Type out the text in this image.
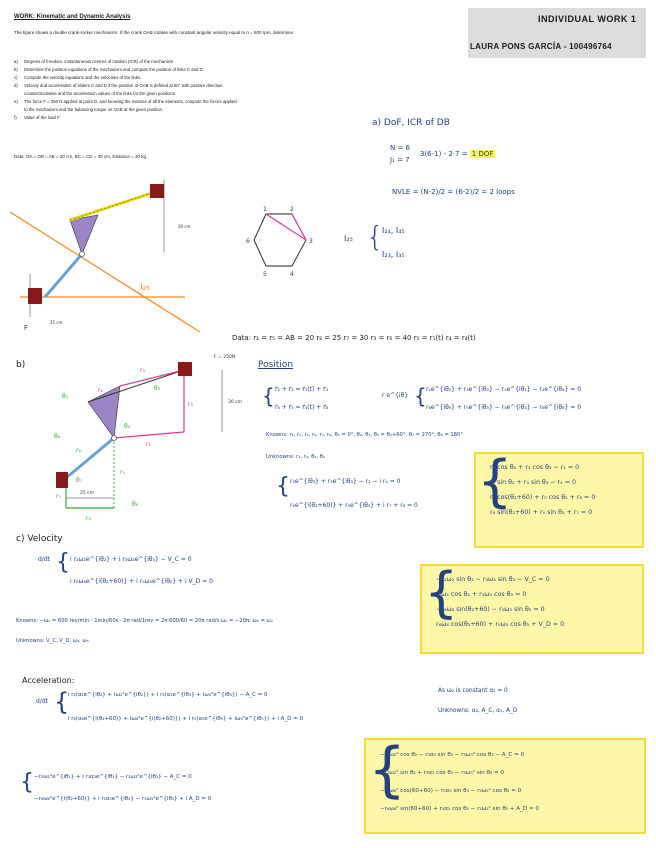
INDIVIDUAL WORK 1
LAURA PONS GARCÍA - 100496764
WORK: Kinematic and Dynamic Analysis
The figure shows a double crank-rocker mechanism. If the crank OAB rotates with constant angular velocity equal to n = 600 rpm, determine:
a) Degrees of freedom, instantaneous centres of rotation (ICR) of the mechanism
b) Determine the position equations of the mechanism and compute the position of links C and D.
c) Compute the velocity equations and the velocities of the links.
d) Velocity and acceleration of sliders C and D if the position of OAB is defined at 60° with positive direction
counterclockwise and the acceleration values of the links for the given positions.
e) The force F = 250 N applied at point D, and knowing the masses of all the elements, compute the forces applied
to the mechanism and the balancing torque on OAB at the given position.
f) Value of the load F
Data: OA = OB = AB = 20 cm, BC = CD = 40 cm, Distance = 30 kg
I₂₅
F
30 cm
25 cm
a) DoF, ICR of DB
N = 6
J₁ = 7
3(6-1) - 2·7 = 1 DOF
NVLE = (N-2)/2 = (6-2)/2 = 2 loops
1	2
3
4
5
6	I₂₅ {
I₂₄, I₄₅
I₂₃, I₃₅
Data: r₂ = r₅ = AB = 20 r₈ = 25 r₇ = 30 r₃ = r₆ = 40 r₁ = r₁(t) r₄ = r₄(t)
b)
30 cm
25 cm
F = 250N
r₃
r₄
r₁
r₂
r₆
r₅
r₇
r₈
θ₂
θ₃
θ₅
θ₆
θ₇
θ₈
Position
{ r⃗₂ + r⃗₃ = r⃗₁(t) + r⃗₄
r⃗₆ + r⃗₅ = r⃗₃(t) + r⃗₈
r e^{iθ} { r₂e^{iθ₂} + r₃e^{iθ₃} − r₁e^{iθ₁} − r₄e^{iθ₄} = 0
r₆e^{iθ₆} + r₅e^{iθ₅} − r₃e^{iθ₃} − r₈e^{iθ₈} = 0
Knowns: r₁, r₂, r₄, r₅, r₇, r₈, θ₁ = 0°, θ₂, θ₃, θ₄ = θ₂+60°, θ₇ = 270°, θ₈ = 180°
Unknowns: r₁, r₃, θ₂, θ₃
{ r₂e^{iθ₂} + r₃e^{iθ₃} − r₁ − i r₄ = 0
r₆e^{i(θ₂+60)} + r₅e^{iθ₅} + i r₇ + r₈ = 0
r₂ cos θ₂ + r₃ cos θ₃ − r₁ = 0
r₂ sin θ₂ + r₃ sin θ₃ − r₄ = 0
r₆ cos(θ₂+60) + r₅ cos θ₅ + r₈ = 0
r₆ sin(θ₂+60) + r₅ sin θ₅ + r₇ = 0
{
c) Velocity
d/dt { i r₂ω₂e^{iθ₂} + i r₃ω₃e^{iθ₃} − V_C = 0
i r₆ω₆e^{i(θ₂+60)} + i r₅ω₅e^{iθ₅} + i V_D = 0
Knowns: −ω₂ = 600 rev/min · 1min/60s · 2π rad/1rev = 2π·600/60 = 20π rad/s ω₂ = −20π, ω₆ = ω₂
Unknowns: V_C, V_D, ω₃, ω₅
−r₂ω₂ sin θ₂ − r₃ω₃ sin θ₃ − V_C = 0
r₂ω₂ cos θ₂ + r₃ω₃ cos θ₃ = 0
−r₆ω₆ sin(θ₂+60) − r₅ω₅ sin θ₅ = 0
r₆ω₆ cos(θ₂+60) + r₅ω₅ cos θ₅ + V_D = 0
{
Acceleration:
d/dt {
i r₂(α₂e^{iθ₂} + iω₂²e^{iθ₂}) + i r₃(α₃e^{iθ₃} + iω₃²e^{iθ₃}) − A_C = 0
i r₆(α₆e^{i(θ₂+60)} + iω₆²e^{i(θ₂+60)}) + i r₅(α₅e^{iθ₅} + iω₅²e^{iθ₅}) + i A_D = 0
As ω₂ is constant α₂ = 0
Unknowns: α₃, A_C, α₅, A_D
{ −r₂ω₂²e^{iθ₂} + i r₃α₃e^{iθ₃} − r₃ω₃²e^{iθ₃} − A_C = 0
−r₆ω₆²e^{i(θ₂+60)} + i r₅α₅e^{iθ₅} − r₅ω₅²e^{iθ₅} + i A_D = 0
−r₂ω₂² cos θ₂ − r₃α₃ sin θ₃ − r₃ω₃² cos θ₃ − A_C = 0
−r₂ω₂² sin θ₂ + r₃α₃ cos θ₃ − r₃ω₃² sin θ₃ = 0
−r₆ω₆² cos(60+60) − r₅α₅ sin θ₅ − r₅ω₅² cos θ₅ = 0
−r₆ω₆² sin(60+60) + r₅α₅ cos θ₅ − r₅ω₅² sin θ₅ + A_D = 0
{
